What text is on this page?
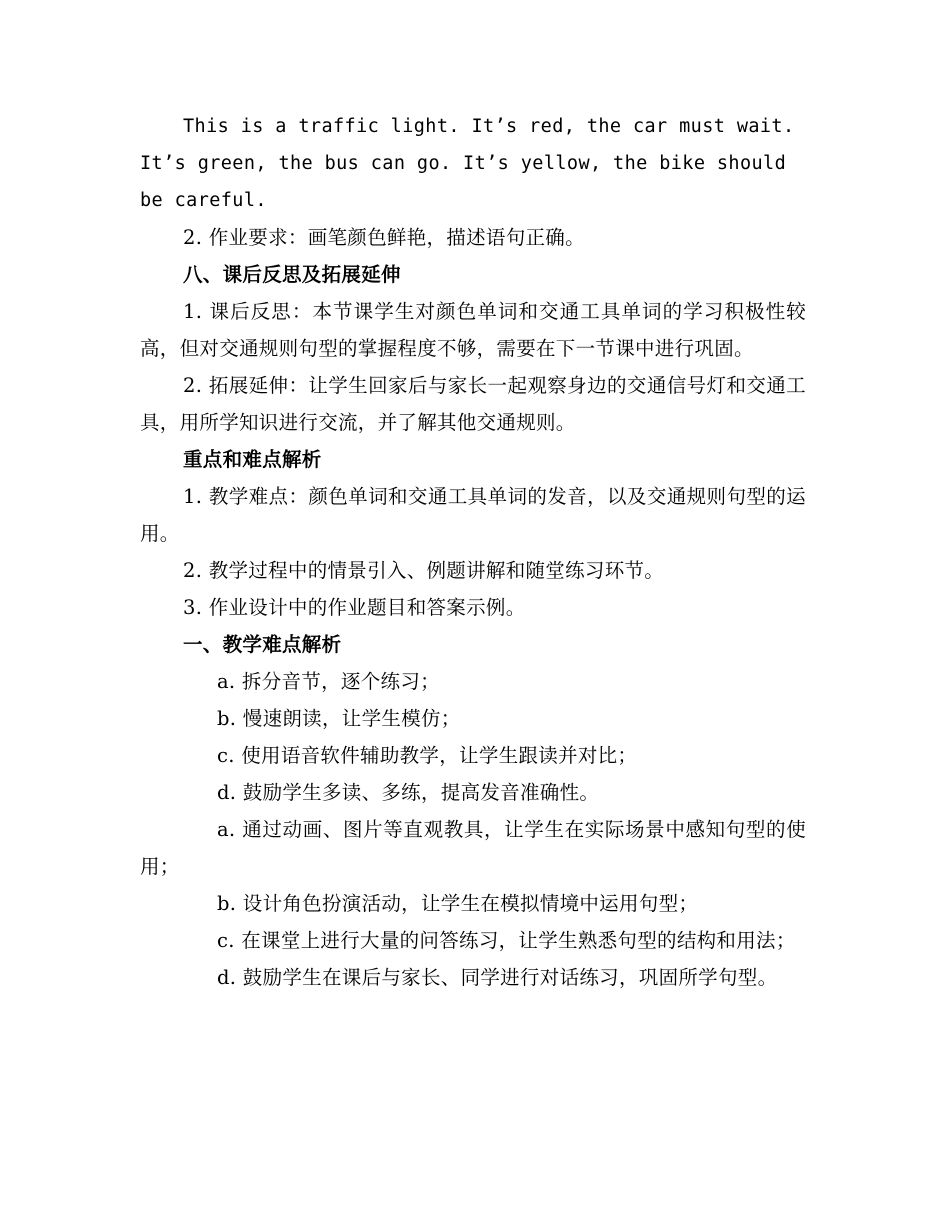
This is a traffic light. It’s red, the car must wait. It’s green, the bus can go. It’s yellow, the bike should be careful.

2. 作业要求：画笔颜色鲜艳，描述语句正确。

八、课后反思及拓展延伸

1. 课后反思：本节课学生对颜色单词和交通工具单词的学习积极性较高，但对交通规则句型的掌握程度不够，需要在下一节课中进行巩固。

2. 拓展延伸：让学生回家后与家长一起观察身边的交通信号灯和交通工具，用所学知识进行交流，并了解其他交通规则。

重点和难点解析

1. 教学难点：颜色单词和交通工具单词的发音，以及交通规则句型的运用。

2. 教学过程中的情景引入、例题讲解和随堂练习环节。

3. 作业设计中的作业题目和答案示例。

一、教学难点解析

a. 拆分音节，逐个练习；

b. 慢速朗读，让学生模仿；

c. 使用语音软件辅助教学，让学生跟读并对比；

d. 鼓励学生多读、多练，提高发音准确性。

a. 通过动画、图片等直观教具，让学生在实际场景中感知句型的使用；

b. 设计角色扮演活动，让学生在模拟情境中运用句型；

c. 在课堂上进行大量的问答练习，让学生熟悉句型的结构和用法；

d. 鼓励学生在课后与家长、同学进行对话练习，巩固所学句型。
